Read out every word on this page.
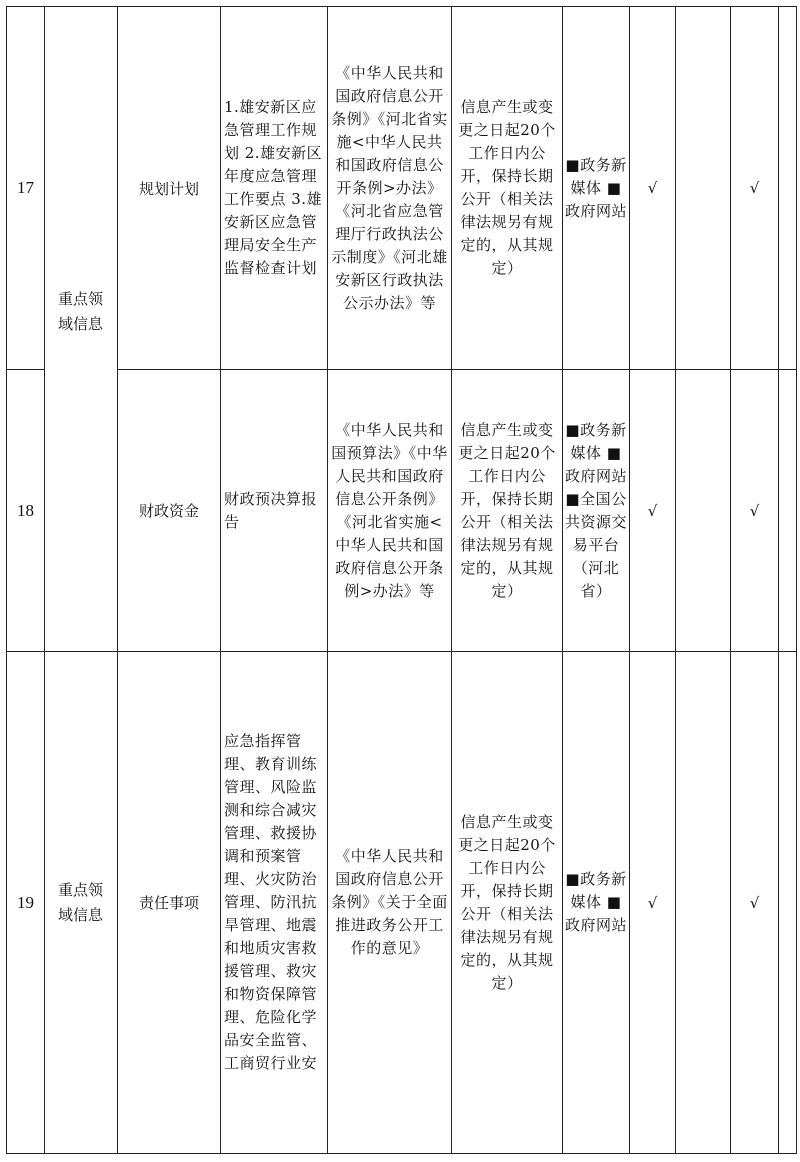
17	重点领域信息	规划计划	1.雄安新区应急管理工作规划 2.雄安新区年度应急管理工作要点 3.雄安新区应急管理局安全生产监督检查计划	《中华人民共和国政府信息公开条例》《河北省实施<中华人民共和国政府信息公开条例>办法》《河北省应急管理厅行政执法公示制度》《河北雄安新区行政执法公示办法》等	信息产生或变更之日起20个工作日内公开，保持长期公开（相关法律法规另有规定的，从其规定）	■政务新媒体 ■政府网站	√		√	
18		财政资金	财政预决算报告	《中华人民共和国预算法》《中华人民共和国政府信息公开条例》《河北省实施<中华人民共和国政府信息公开条例>办法》等	信息产生或变更之日起20个工作日内公开，保持长期公开（相关法律法规另有规定的，从其规定）	■政务新媒体 ■政府网站 ■全国公共资源交易平台（河北省）	√		√	
19	重点领域信息	责任事项	应急指挥管理、教育训练管理、风险监测和综合减灾管理、救援协调和预案管理、火灾防治管理、防汛抗旱管理、地震和地质灾害救援管理、救灾和物资保障管理、危险化学品安全监管、工商贸行业安	《中华人民共和国政府信息公开条例》《关于全面推进政务公开工作的意见》	信息产生或变更之日起20个工作日内公开，保持长期公开（相关法律法规另有规定的，从其规定）	■政务新媒体 ■政府网站	√		√	
